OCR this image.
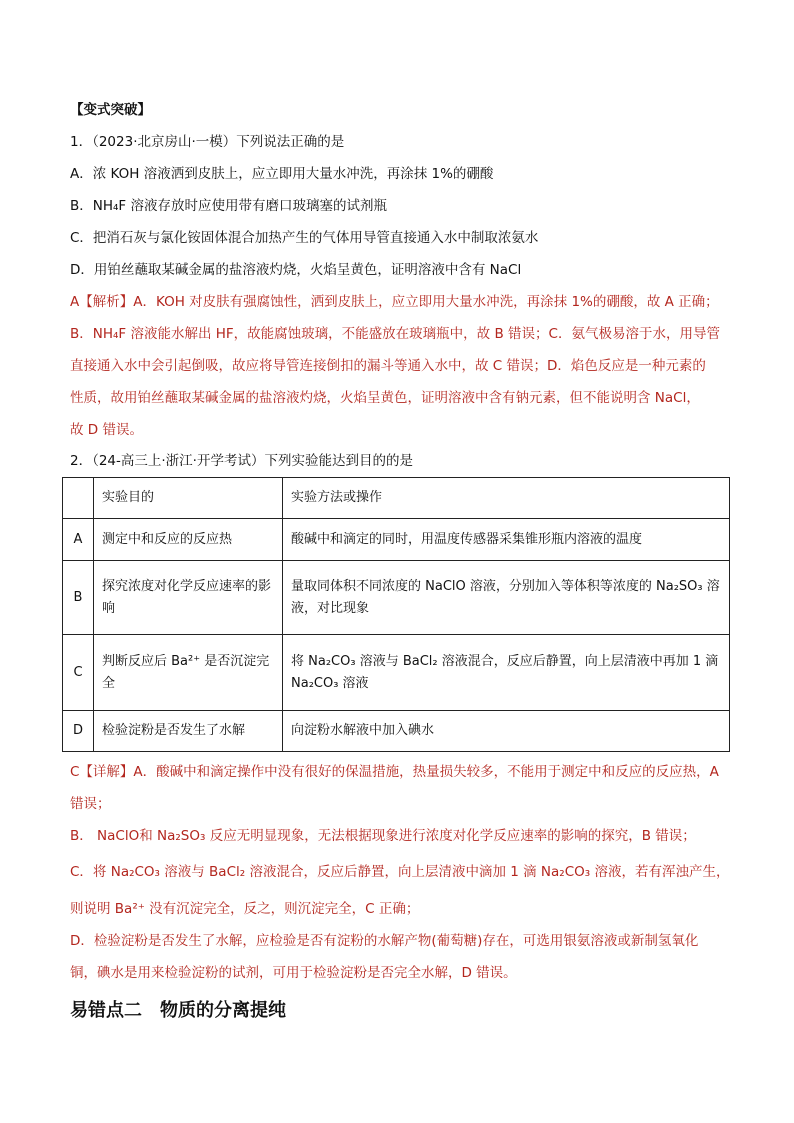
【变式突破】
1．（2023·北京房山·一模）下列说法正确的是
A．浓 KOH 溶液洒到皮肤上，应立即用大量水冲洗，再涂抹 1%的硼酸
B．NH₄F 溶液存放时应使用带有磨口玻璃塞的试剂瓶
C．把消石灰与氯化铵固体混合加热产生的气体用导管直接通入水中制取浓氨水
D．用铂丝蘸取某碱金属的盐溶液灼烧，火焰呈黄色，证明溶液中含有 NaCl
A【解析】A．KOH 对皮肤有强腐蚀性，洒到皮肤上，应立即用大量水冲洗，再涂抹 1%的硼酸，故 A 正确；
B．NH₄F 溶液能水解出 HF，故能腐蚀玻璃，不能盛放在玻璃瓶中，故 B 错误；C．氨气极易溶于水，用导管
直接通入水中会引起倒吸，故应将导管连接倒扣的漏斗等通入水中，故 C 错误；D．焰色反应是一种元素的
性质，故用铂丝蘸取某碱金属的盐溶液灼烧，火焰呈黄色，证明溶液中含有钠元素，但不能说明含 NaCl，
故 D 错误。
2．（24-高三上·浙江·开学考试）下列实验能达到目的的是
	实验目的	实验方法或操作
A	测定中和反应的反应热	酸碱中和滴定的同时，用温度传感器采集锥形瓶内溶液的温度
B	探究浓度对化学反应速率的影响	量取同体积不同浓度的 NaClO 溶液，分别加入等体积等浓度的 Na₂SO₃ 溶液，对比现象
C	判断反应后 Ba²⁺ 是否沉淀完全	将 Na₂CO₃ 溶液与 BaCl₂ 溶液混合，反应后静置，向上层清液中再加 1 滴 Na₂CO₃ 溶液
D	检验淀粉是否发生了水解	向淀粉水解液中加入碘水
C【详解】A．酸碱中和滴定操作中没有很好的保温措施，热量损失较多，不能用于测定中和反应的反应热，A
错误；
B． NaClO和 Na₂SO₃ 反应无明显现象，无法根据现象进行浓度对化学反应速率的影响的探究，B 错误；
C．将 Na₂CO₃ 溶液与 BaCl₂ 溶液混合，反应后静置，向上层清液中滴加 1 滴 Na₂CO₃ 溶液，若有浑浊产生，
则说明 Ba²⁺ 没有沉淀完全，反之，则沉淀完全，C 正确；
D．检验淀粉是否发生了水解，应检验是否有淀粉的水解产物(葡萄糖)存在，可选用银氨溶液或新制氢氧化
铜，碘水是用来检验淀粉的试剂，可用于检验淀粉是否完全水解，D 错误。
易错点二　物质的分离提纯
